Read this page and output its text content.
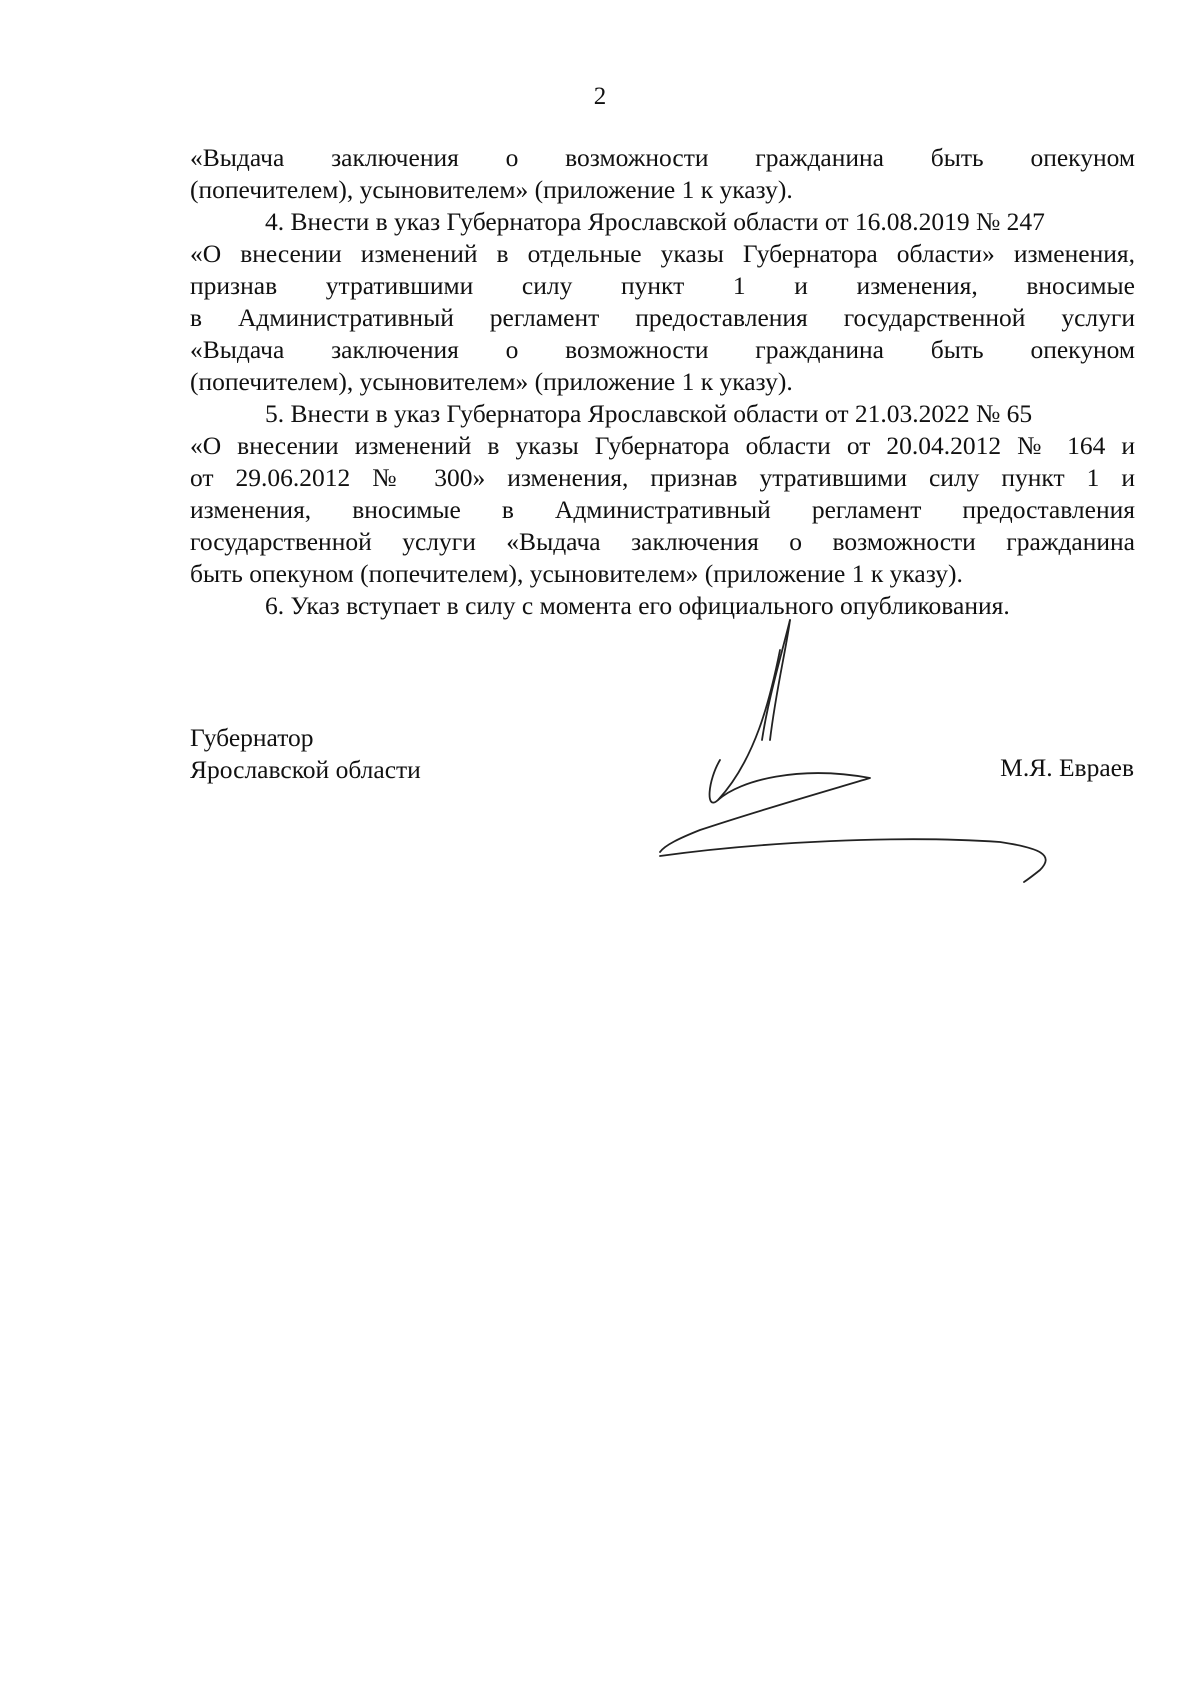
2
«Выдача заключения о возможности гражданина быть опекуном
(попечителем), усыновителем» (приложение 1 к указу).
4. Внести в указ Губернатора Ярославской области от 16.08.2019 № 247
«О внесении изменений в отдельные указы Губернатора области» изменения,
признав утратившими силу пункт 1 и изменения, вносимые
в Административный регламент предоставления государственной услуги
«Выдача заключения о возможности гражданина быть опекуном
(попечителем), усыновителем» (приложение 1 к указу).
5. Внести в указ Губернатора Ярославской области от 21.03.2022 № 65
«О внесении изменений в указы Губернатора области от 20.04.2012 № 164 и
от 29.06.2012 № 300» изменения, признав утратившими силу пункт 1 и
изменения, вносимые в Административный регламент предоставления
государственной услуги «Выдача заключения о возможности гражданина
быть опекуном (попечителем), усыновителем» (приложение 1 к указу).
6. Указ вступает в силу с момента его официального опубликования.
Губернатор
Ярославской области	М.Я. Евраев
